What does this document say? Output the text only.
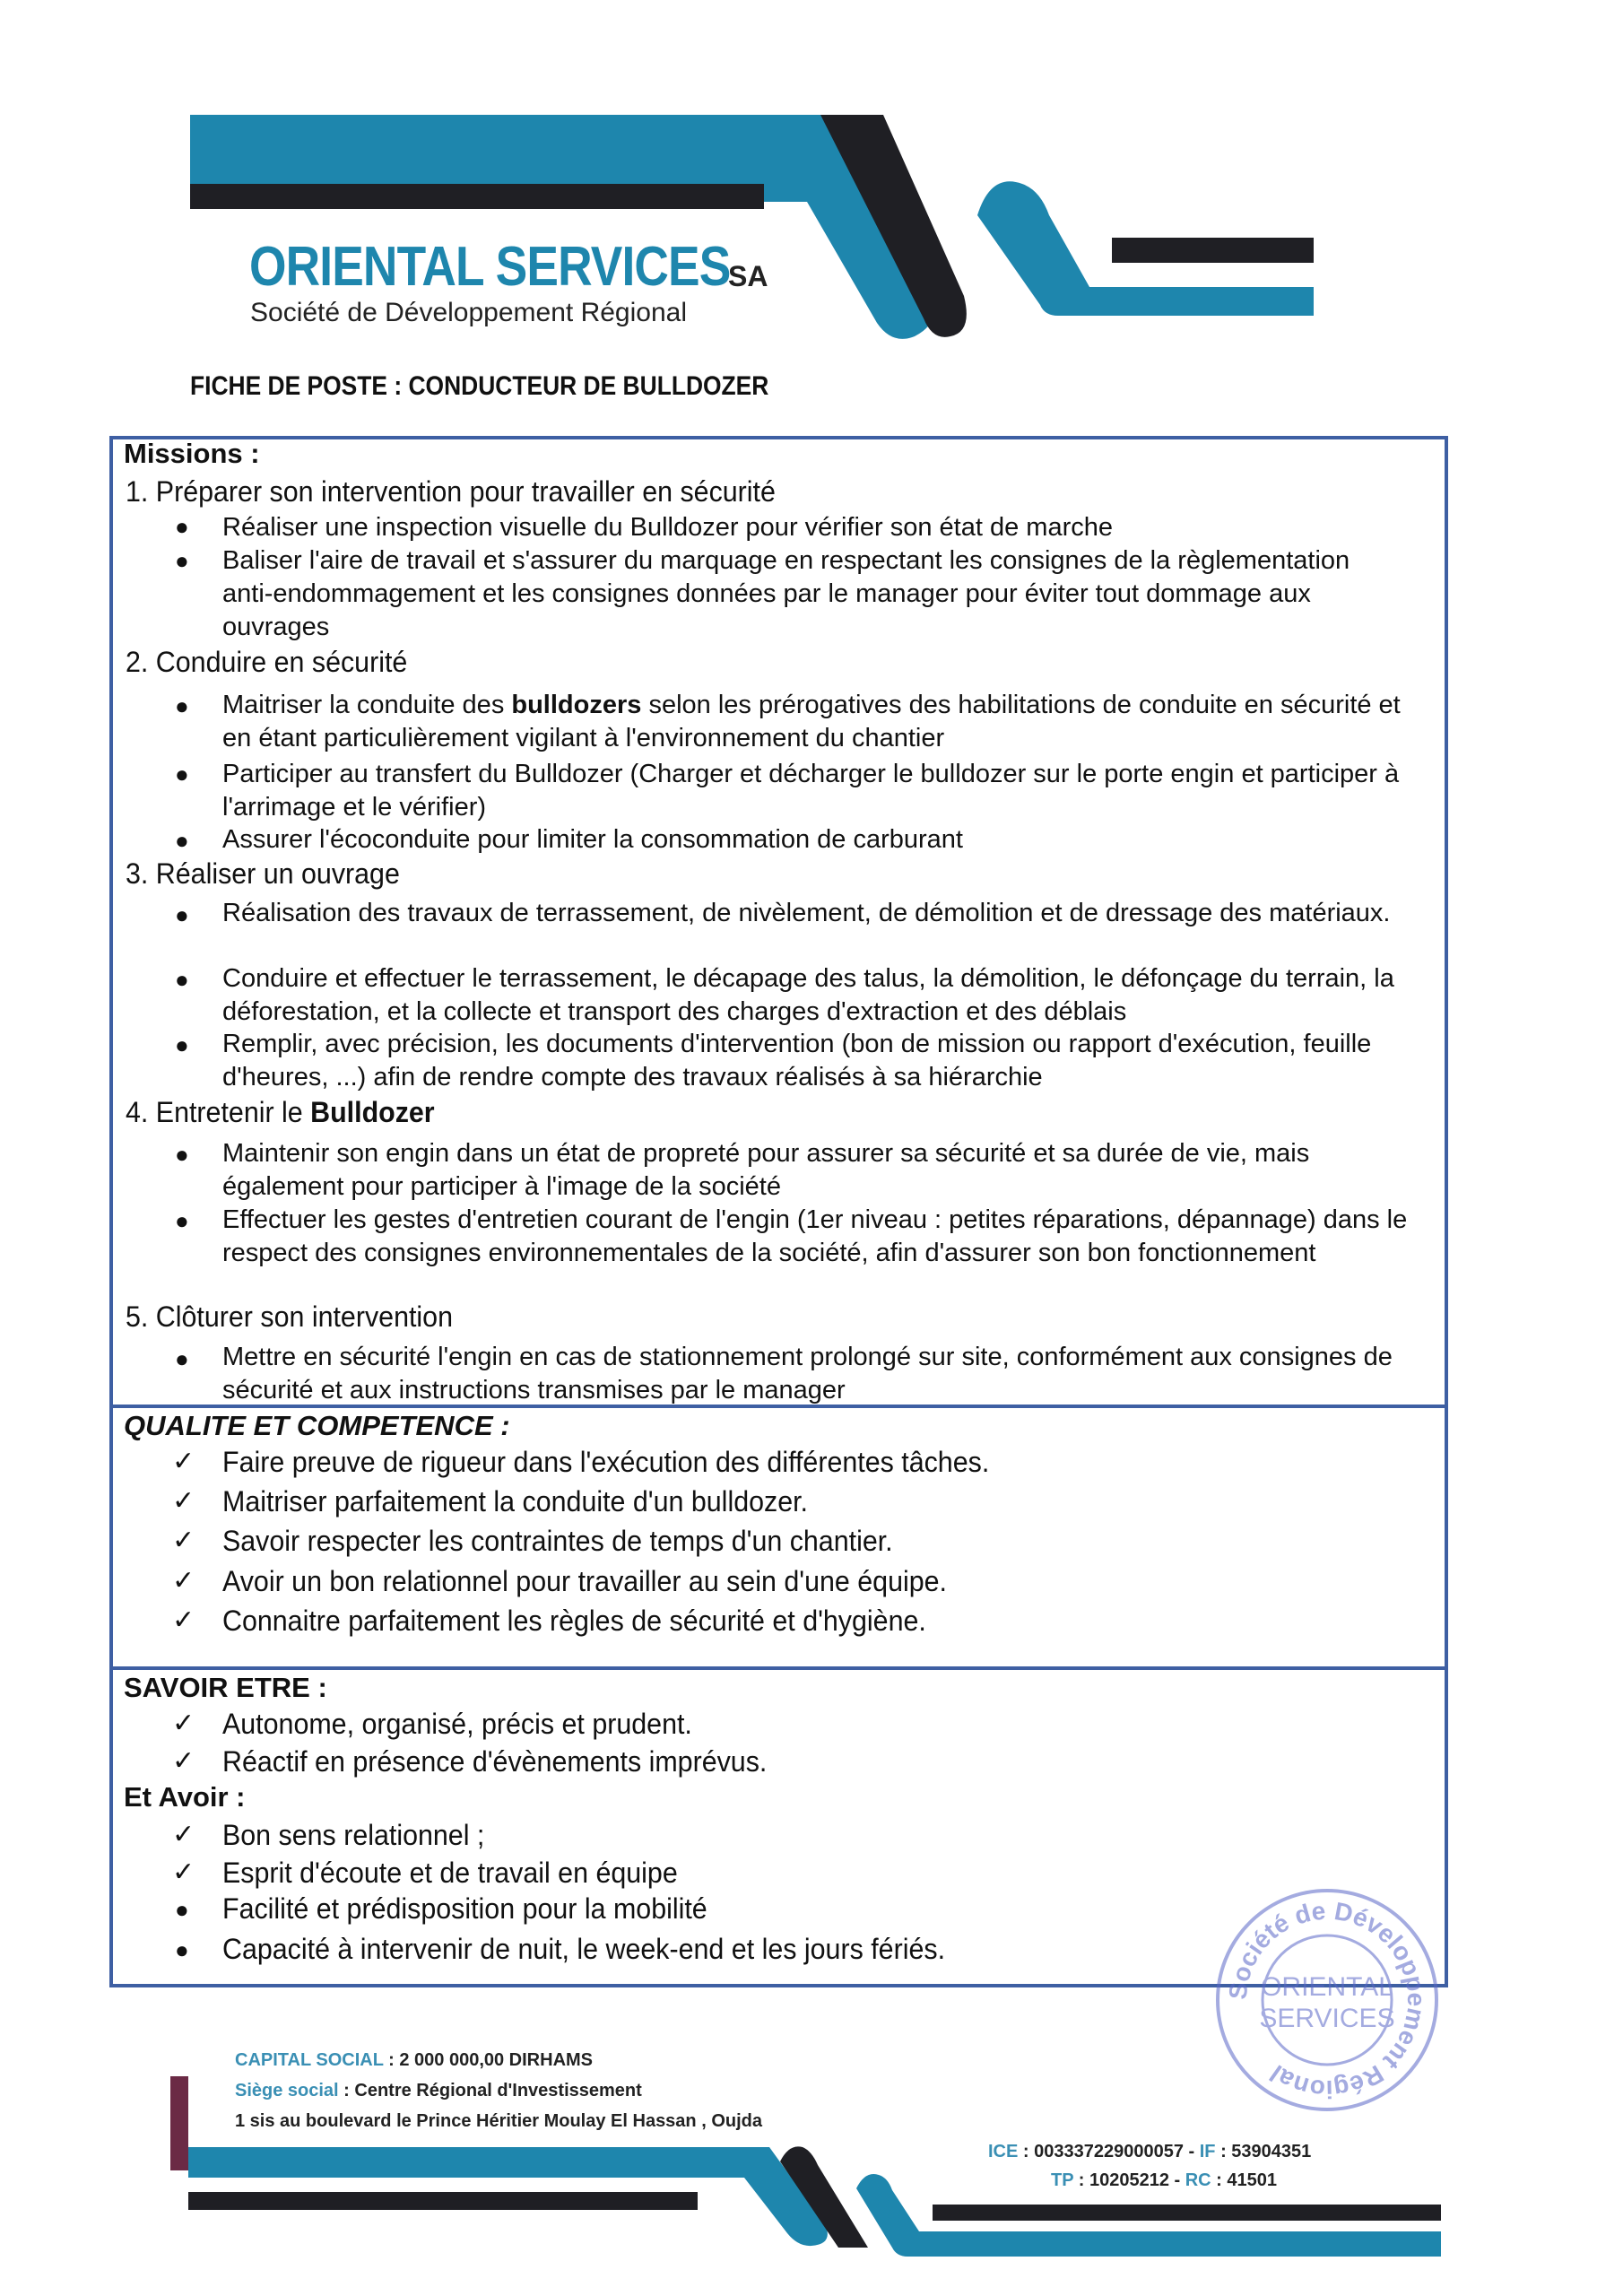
ORIENTAL SERVICES
SA
Société de Développement Régional
FICHE DE POSTE : CONDUCTEUR DE BULLDOZER
Missions :
1. Préparer son intervention pour travailler en sécurité
● Réaliser une inspection visuelle du Bulldozer pour vérifier son état de marche
● Baliser l'aire de travail et s'assurer du marquage en respectant les consignes de la règlementation anti-endommagement et les consignes données par le manager pour éviter tout dommage aux ouvrages
2. Conduire en sécurité
● Maitriser la conduite des bulldozers selon les prérogatives des habilitations de conduite en sécurité et en étant particulièrement vigilant à l'environnement du chantier
● Participer au transfert du Bulldozer (Charger et décharger le bulldozer sur le porte engin et participer à l'arrimage et le vérifier)
● Assurer l'écoconduite pour limiter la consommation de carburant
3. Réaliser un ouvrage
● Réalisation des travaux de terrassement, de nivèlement, de démolition et de dressage des matériaux.
● Conduire et effectuer le terrassement, le décapage des talus, la démolition, le défonçage du terrain, la déforestation, et la collecte et transport des charges d'extraction et des déblais
● Remplir, avec précision, les documents d'intervention (bon de mission ou rapport d'exécution, feuille d'heures, ...) afin de rendre compte des travaux réalisés à sa hiérarchie
4. Entretenir le Bulldozer
● Maintenir son engin dans un état de propreté pour assurer sa sécurité et sa durée de vie, mais également pour participer à l'image de la société
● Effectuer les gestes d'entretien courant de l'engin (1er niveau : petites réparations, dépannage) dans le respect des consignes environnementales de la société, afin d'assurer son bon fonctionnement
5. Clôturer son intervention
● Mettre en sécurité l'engin en cas de stationnement prolongé sur site, conformément aux consignes de sécurité et aux instructions transmises par le manager
QUALITE ET COMPETENCE :
✓ Faire preuve de rigueur dans l'exécution des différentes tâches.
✓ Maitriser parfaitement la conduite d'un bulldozer.
✓ Savoir respecter les contraintes de temps d'un chantier.
✓ Avoir un bon relationnel pour travailler au sein d'une équipe.
✓ Connaitre parfaitement les règles de sécurité et d'hygiène.
SAVOIR ETRE :
✓ Autonome, organisé, précis et prudent.
✓ Réactif en présence d'évènements imprévus.
Et Avoir :
✓ Bon sens relationnel ;
✓ Esprit d'écoute et de travail en équipe
● Facilité et prédisposition pour la mobilité
● Capacité à intervenir de nuit, le week-end et les jours fériés.
Société de Développement Régional
ORIENTAL
SERVICES
CAPITAL SOCIAL : 2 000 000,00 DIRHAMS
Siège social : Centre Régional d'Investissement
1 sis au boulevard le Prince Héritier Moulay El Hassan , Oujda
ICE : 003337229000057 - IF : 53904351
TP : 10205212 - RC : 41501
